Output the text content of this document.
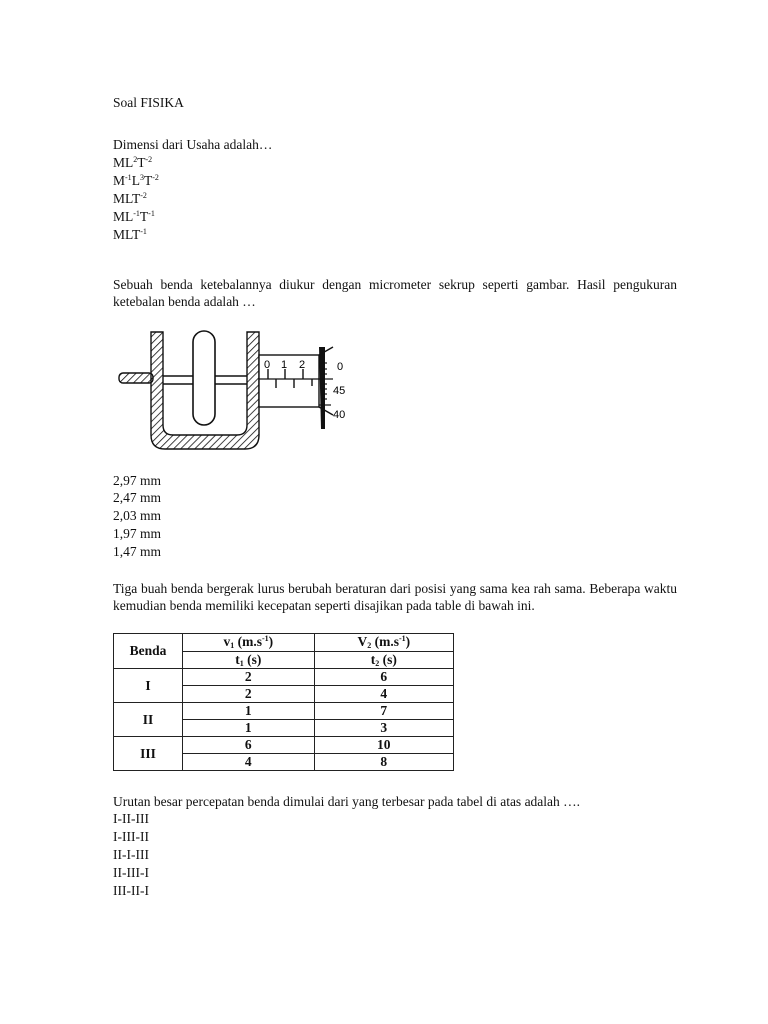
Soal FISIKA
Dimensi dari Usaha adalah…
$ML^2T^{-2}$
$M^{-1}L^3T^{-2}$
$MLT^{-2}$
$ML^{-1}T^{-1}$
$MLT^{-1}$
Sebuah benda ketebalannya diukur dengan micrometer sekrup seperti gambar. Hasil pengukuran ketebalan benda adalah …
0 1 2	0
45
40
2,97 mm
2,47 mm
2,03 mm
1,97 mm
1,47 mm
Tiga buah benda bergerak lurus berubah beraturan dari posisi yang sama kea rah sama. Beberapa waktu kemudian benda memiliki kecepatan seperti disajikan pada table di bawah ini.
Benda	$v_1$ $(m.s^{-1})$	$V_2$ $(m.s^{-1})$
	$t_1$ (s)	$t_2$ (s)
I	2	6
	2	4
II	1	7
	1	3
III	6	10
	4	8
Urutan besar percepatan benda dimulai dari yang terbesar pada tabel di atas adalah ….
I-II-III
I-III-II
II-I-III
II-III-I
III-II-I
